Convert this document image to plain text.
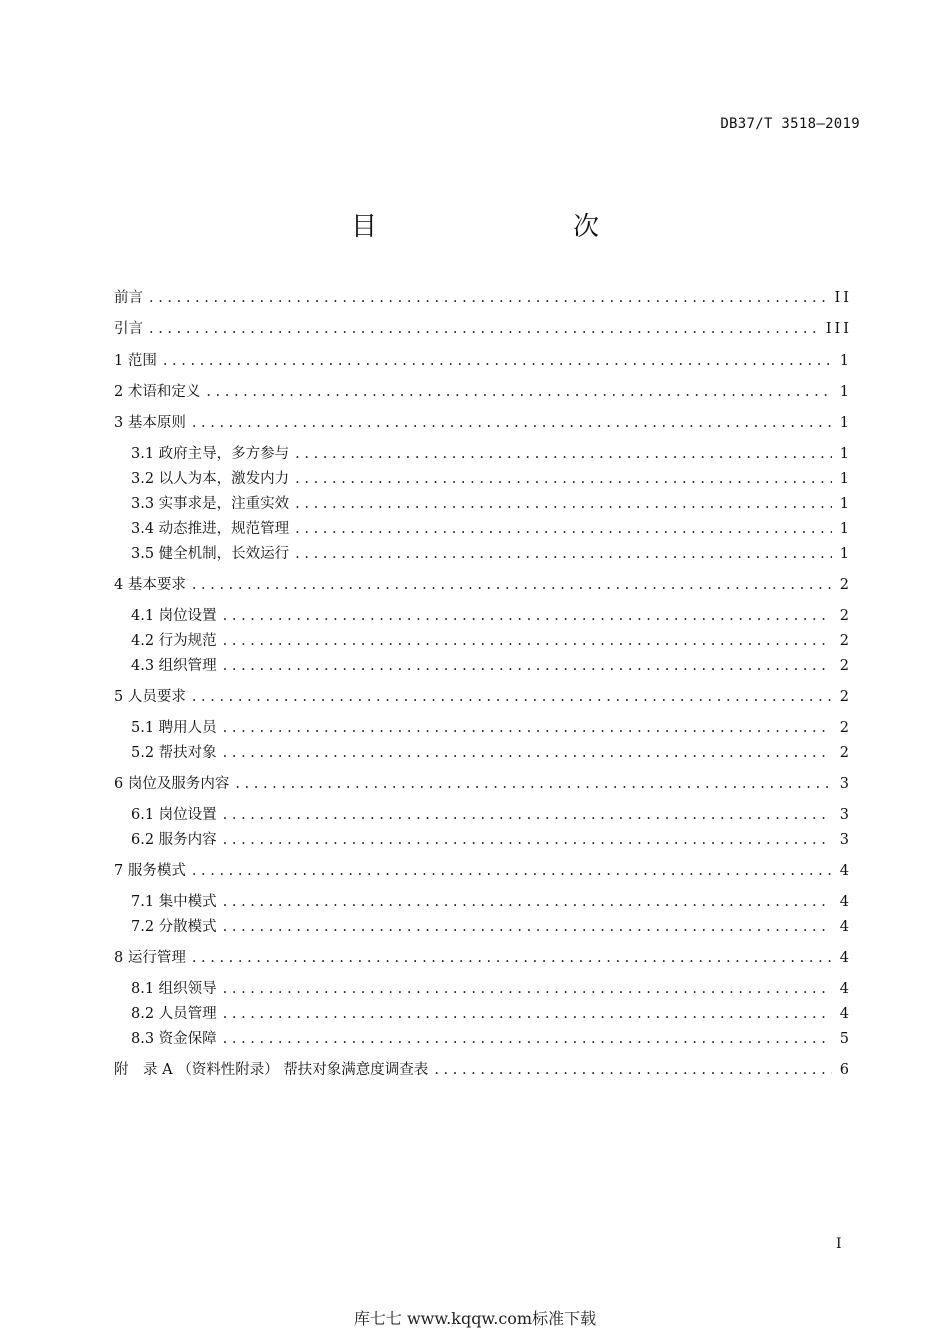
DB37/T 3518—2019
目　　次
前言 .....	II
引言 .....	III
1 范围 .....	1
2 术语和定义 .....	1
3 基本原则 .....	1
3.1 政府主导，多方参与 .....	1
3.2 以人为本，激发内力 .....	1
3.3 实事求是，注重实效 .....	1
3.4 动态推进，规范管理 .....	1
3.5 健全机制，长效运行 .....	1
4 基本要求 .....	2
4.1 岗位设置 .....	2
4.2 行为规范 .....	2
4.3 组织管理 .....	2
5 人员要求 .....	2
5.1 聘用人员 .....	2
5.2 帮扶对象 .....	2
6 岗位及服务内容 .....	3
6.1 岗位设置 .....	3
6.2 服务内容 .....	3
7 服务模式 .....	4
7.1 集中模式 .....	4
7.2 分散模式 .....	4
8 运行管理 .....	4
8.1 组织领导 .....	4
8.2 人员管理 .....	4
8.3 资金保障 .....	5
附　录 A （资料性附录） 帮扶对象满意度调查表 .....	6
I
库七七 www.kqqw.com标准下载
